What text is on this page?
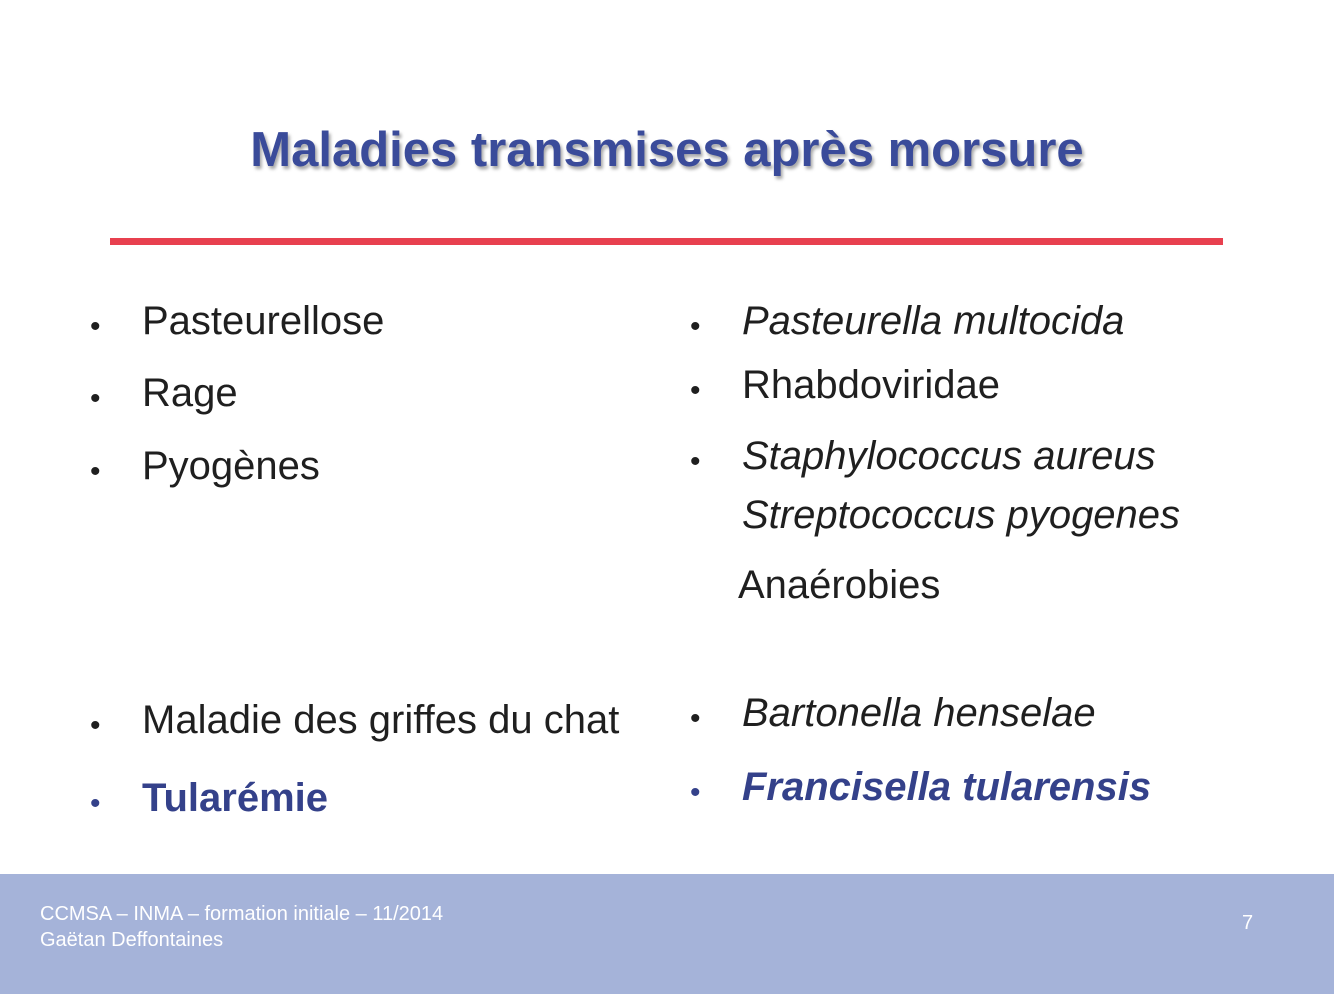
Maladies transmises après morsure
• Pasteurellose
• Rage
• Pyogènes
• Maladie des griffes du chat
• Tularémie
• Pasteurella multocida
• Rhabdoviridae
• Staphylococcus aureus
Streptococcus pyogenes
Anaérobies
• Bartonella henselae
• Francisella tularensis
CCMSA – INMA – formation initiale – 11/2014
Gaëtan Deffontaines
7
